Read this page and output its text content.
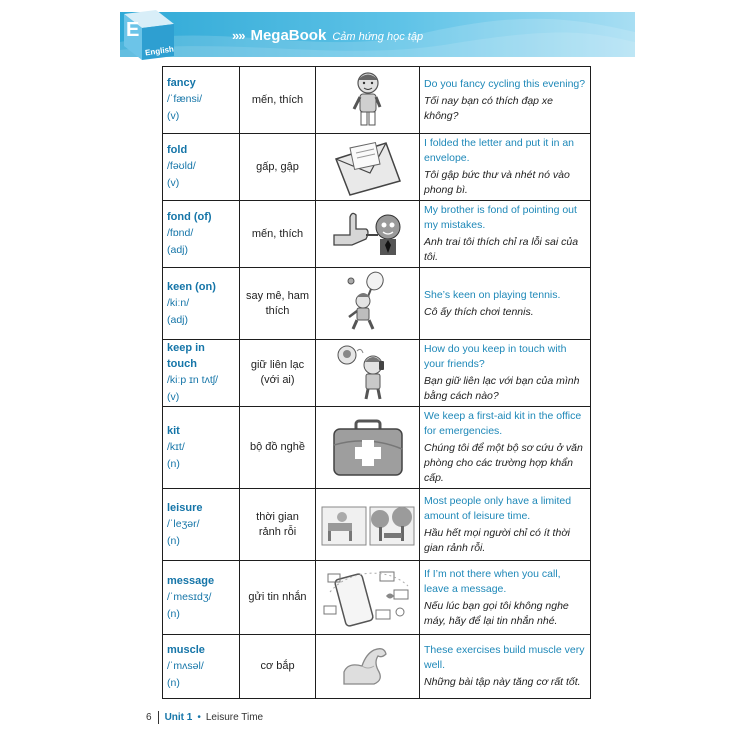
»» MegaBook Cảm hứng học tập
E
English
fancy
/ˈfænsi/
(v)	mến, thích		Do you fancy cycling this evening?
Tối nay bạn có thích đạp xe không?

fold
/fəʊld/
(v)	gấp, gập		I folded the letter and put it in an envelope.
Tôi gập bức thư và nhét nó vào phong bì.

fond (of)
/fɒnd/
(adj)	mến, thích		My brother is fond of pointing out my mistakes.
Anh trai tôi thích chỉ ra lỗi sai của tôi.

keen (on)
/kiːn/
(adj)	say mê, ham thích		She’s keen on playing tennis.
Cô ấy thích chơi tennis.

keep in touch
/kiːp ɪn tʌtʃ/
(v)	giữ liên lạc (với ai)		How do you keep in touch with your friends?
Bạn giữ liên lạc với bạn của mình bằng cách nào?

kit
/kɪt/
(n)	bộ đồ nghề		We keep a first-aid kit in the office for emergencies.
Chúng tôi để một bộ sơ cứu ở văn phòng cho các trường hợp khẩn cấp.

leisure
/ˈleʒər/
(n)	thời gian rảnh rỗi		Most people only have a limited amount of leisure time.
Hầu hết mọi người chỉ có ít thời gian rảnh rỗi.

message
/ˈmesɪdʒ/
(n)	gửi tin nhắn		If I’m not there when you call, leave a message.
Nếu lúc bạn gọi tôi không nghe máy, hãy để lại tin nhắn nhé.

muscle
/ˈmʌsəl/
(n)	cơ bắp		These exercises build muscle very well.
Những bài tập này tăng cơ rất tốt.
6 Unit 1 • Leisure Time
